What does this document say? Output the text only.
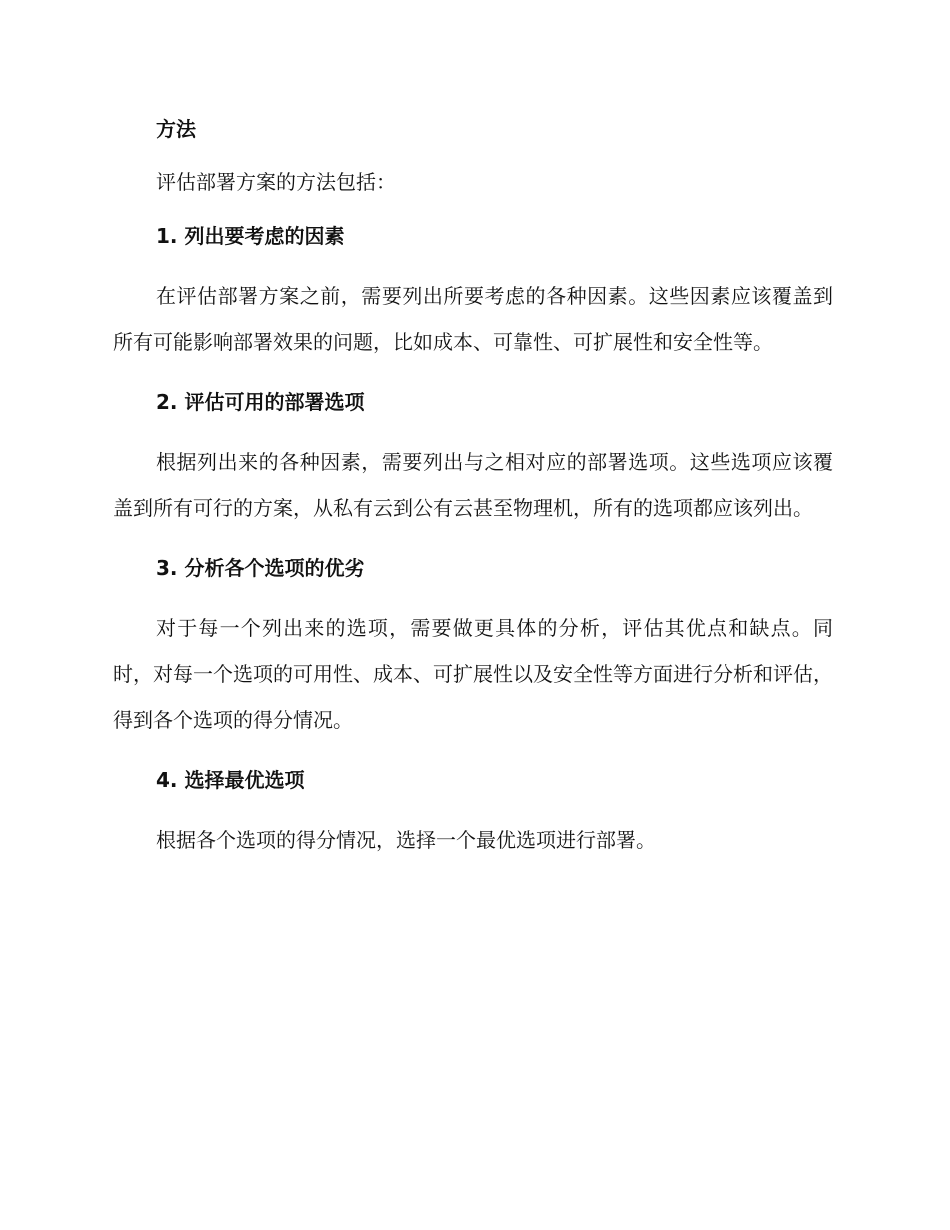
方法

评估部署方案的方法包括：

1. 列出要考虑的因素

在评估部署方案之前，需要列出所要考虑的各种因素。这些因素应该覆盖到所有可能影响部署效果的问题，比如成本、可靠性、可扩展性和安全性等。

2. 评估可用的部署选项

根据列出来的各种因素，需要列出与之相对应的部署选项。这些选项应该覆盖到所有可行的方案，从私有云到公有云甚至物理机，所有的选项都应该列出。

3. 分析各个选项的优劣

对于每一个列出来的选项，需要做更具体的分析，评估其优点和缺点。同时，对每一个选项的可用性、成本、可扩展性以及安全性等方面进行分析和评估，得到各个选项的得分情况。

4. 选择最优选项

根据各个选项的得分情况，选择一个最优选项进行部署。
